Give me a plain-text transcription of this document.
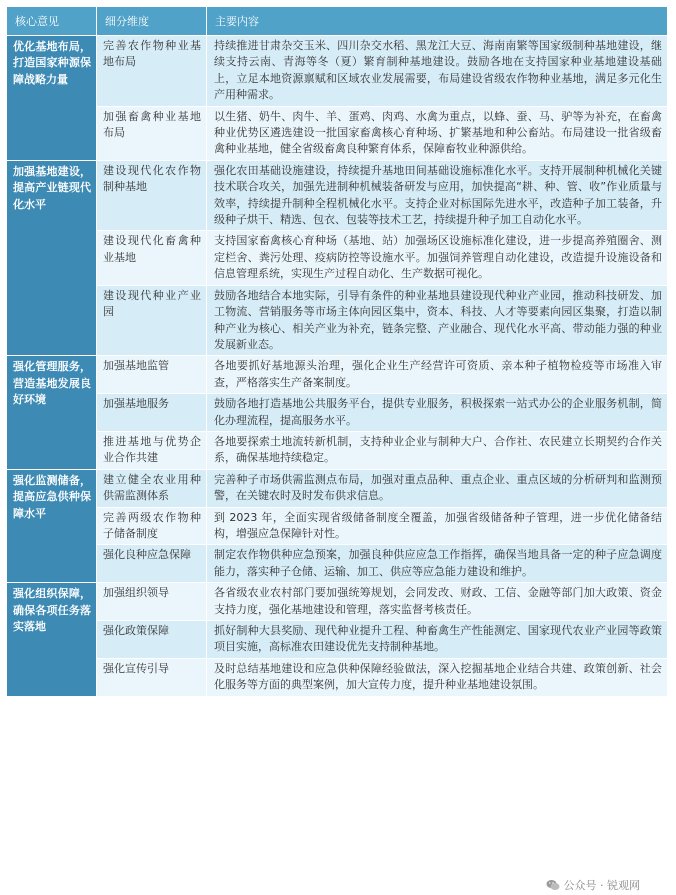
核心意见	细分维度	主要内容
优化基地布局，打造国家种源保障战略力量	完善农作物种业基地布局	持续推进甘肃杂交玉米、四川杂交水稻、黑龙江大豆、海南南繁等国家级制种基地建设，继续支持云南、青海等冬（夏）繁育制种基地建设。鼓励各地在支持国家种业基地建设基础上，立足本地资源禀赋和区域农业发展需要，布局建设省级农作物种业基地，满足多元化生产用种需求。
	加强畜禽种业基地布局	以生猪、奶牛、肉牛、羊、蛋鸡、肉鸡、水禽为重点，以蜂、蚕、马、驴等为补充，在畜禽种业优势区遴选建设一批国家畜禽核心育种场、扩繁基地和种公畜站。布局建设一批省级畜禽种业基地，健全省级畜禽良种繁育体系，保障畜牧业种源供给。
加强基地建设，提高产业链现代化水平	建设现代化农作物制种基地	强化农田基础设施建设，持续提升基地田间基础设施标准化水平。支持开展制种机械化关键技术联合攻关，加强先进制种机械装备研发与应用，加快提高“耕、种、管、收”作业质量与效率，持续提升制种全程机械化水平。支持企业对标国际先进水平，改造种子加工装备，升级种子烘干、精选、包衣、包装等技术工艺，持续提升种子加工自动化水平。
	建设现代化畜禽种业基地	支持国家畜禽核心育种场（基地、站）加强场区设施标准化建设，进一步提高养殖圈舍、测定栏舍、粪污处理、疫病防控等设施水平。加强饲养管理自动化建设，改造提升设施设备和信息管理系统，实现生产过程自动化、生产数据可视化。
	建设现代种业产业园	鼓励各地结合本地实际，引导有条件的种业基地县建设现代种业产业园，推动科技研发、加工物流、营销服务等市场主体向园区集中，资本、科技、人才等要素向园区集聚，打造以制种产业为核心、相关产业为补充，链条完整、产业融合、现代化水平高、带动能力强的种业发展新业态。
强化管理服务，营造基地发展良好环境	加强基地监管	各地要抓好基地源头治理，强化企业生产经营许可资质、亲本种子植物检疫等市场准入审查，严格落实生产备案制度。
	加强基地服务	鼓励各地打造基地公共服务平台，提供专业服务，积极探索一站式办公的企业服务机制，简化办理流程，提高服务水平。
	推进基地与优势企业合作共建	各地要探索土地流转新机制，支持种业企业与制种大户、合作社、农民建立长期契约合作关系，确保基地持续稳定。
强化监测储备，提高应急供种保障水平	建立健全农业用种供需监测体系	完善种子市场供需监测点布局，加强对重点品种、重点企业、重点区域的分析研判和监测预警，在关键农时及时发布供求信息。
	完善两级农作物种子储备制度	到 2023 年，全面实现省级储备制度全覆盖，加强省级储备种子管理，进一步优化储备结构，增强应急保障针对性。
	强化良种应急保障	制定农作物供种应急预案，加强良种供应应急工作指挥，确保当地具备一定的种子应急调度能力，落实种子仓储、运输、加工、供应等应急能力建设和维护。
强化组织保障，确保各项任务落实落地	加强组织领导	各省级农业农村部门要加强统筹规划，会同发改、财政、工信、金融等部门加大政策、资金支持力度，强化基地建设和管理，落实监督考核责任。
	强化政策保障	抓好制种大县奖励、现代种业提升工程、种畜禽生产性能测定、国家现代农业产业园等政策项目实施，高标准农田建设优先支持制种基地。
	强化宣传引导	及时总结基地建设和应急供种保障经验做法，深入挖掘基地企业结合共建、政策创新、社会化服务等方面的典型案例，加大宣传力度，提升种业基地建设氛围。
公众号 · 锐观网
